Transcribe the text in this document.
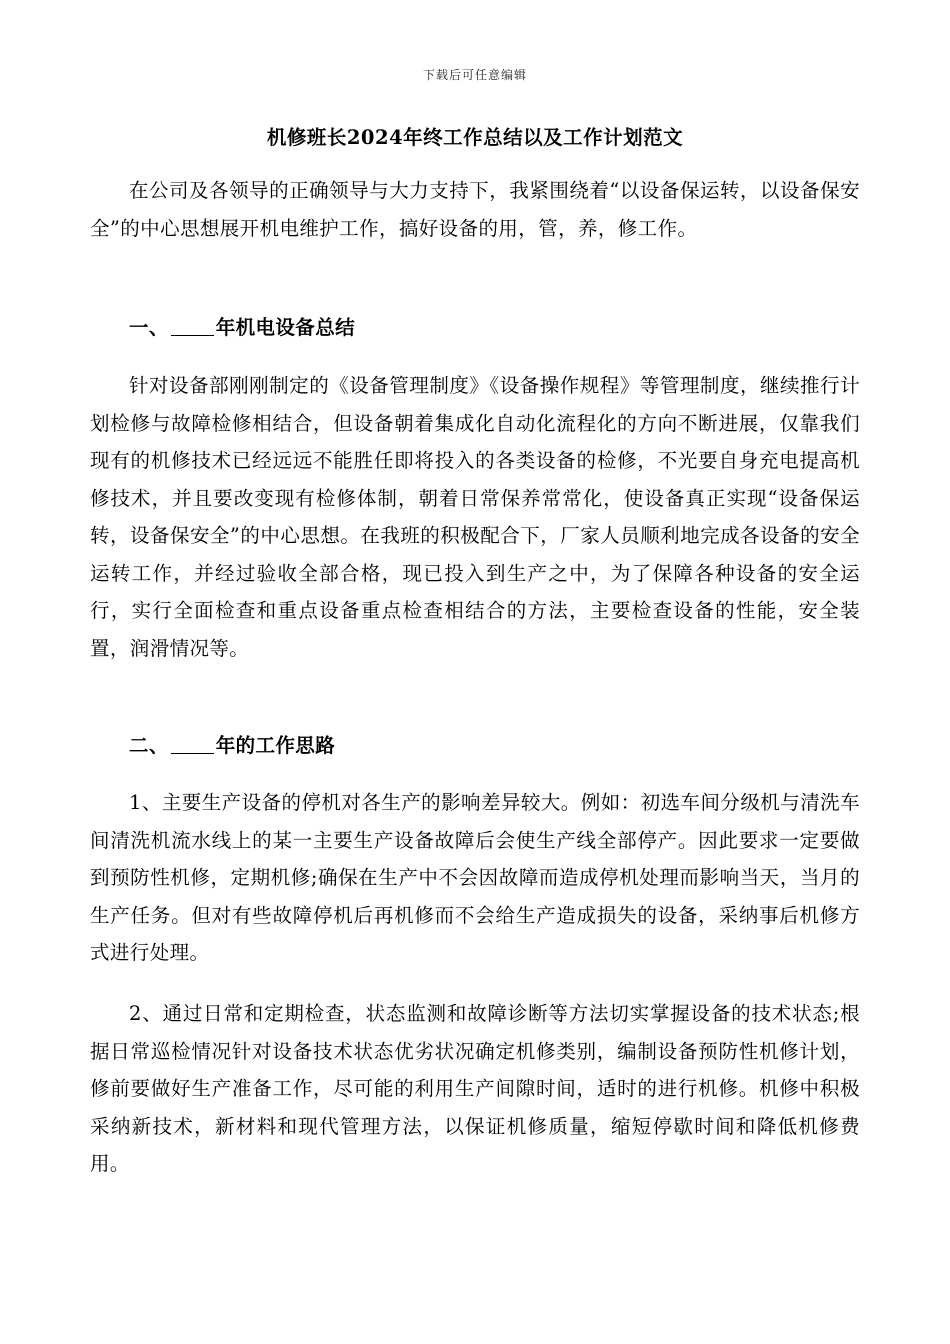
下载后可任意编辑
机修班长2024年终工作总结以及工作计划范文

在公司及各领导的正确领导与大力支持下，我紧围绕着“以设备保运转，以设备保安全”的中心思想展开机电维护工作，搞好设备的用，管，养，修工作。

一、 年机电设备总结

针对设备部刚刚制定的《设备管理制度》《设备操作规程》等管理制度，继续推行计划检修与故障检修相结合，但设备朝着集成化自动化流程化的方向不断进展，仅靠我们现有的机修技术已经远远不能胜任即将投入的各类设备的检修，不光要自身充电提高机修技术，并且要改变现有检修体制，朝着日常保养常常化，使设备真正实现“设备保运转，设备保安全”的中心思想。在我班的积极配合下，厂家人员顺利地完成各设备的安全运转工作，并经过验收全部合格，现已投入到生产之中，为了保障各种设备的安全运行，实行全面检查和重点设备重点检查相结合的方法，主要检查设备的性能，安全装置，润滑情况等。

二、 年的工作思路

1、主要生产设备的停机对各生产的影响差异较大。例如：初选车间分级机与清洗车间清洗机流水线上的某一主要生产设备故障后会使生产线全部停产。因此要求一定要做到预防性机修，定期机修;确保在生产中不会因故障而造成停机处理而影响当天，当月的生产任务。但对有些故障停机后再机修而不会给生产造成损失的设备，采纳事后机修方式进行处理。

2、通过日常和定期检查，状态监测和故障诊断等方法切实掌握设备的技术状态;根据日常巡检情况针对设备技术状态优劣状况确定机修类别，编制设备预防性机修计划，修前要做好生产准备工作，尽可能的利用生产间隙时间，适时的进行机修。机修中积极采纳新技术，新材料和现代管理方法，以保证机修质量，缩短停歇时间和降低机修费用。
